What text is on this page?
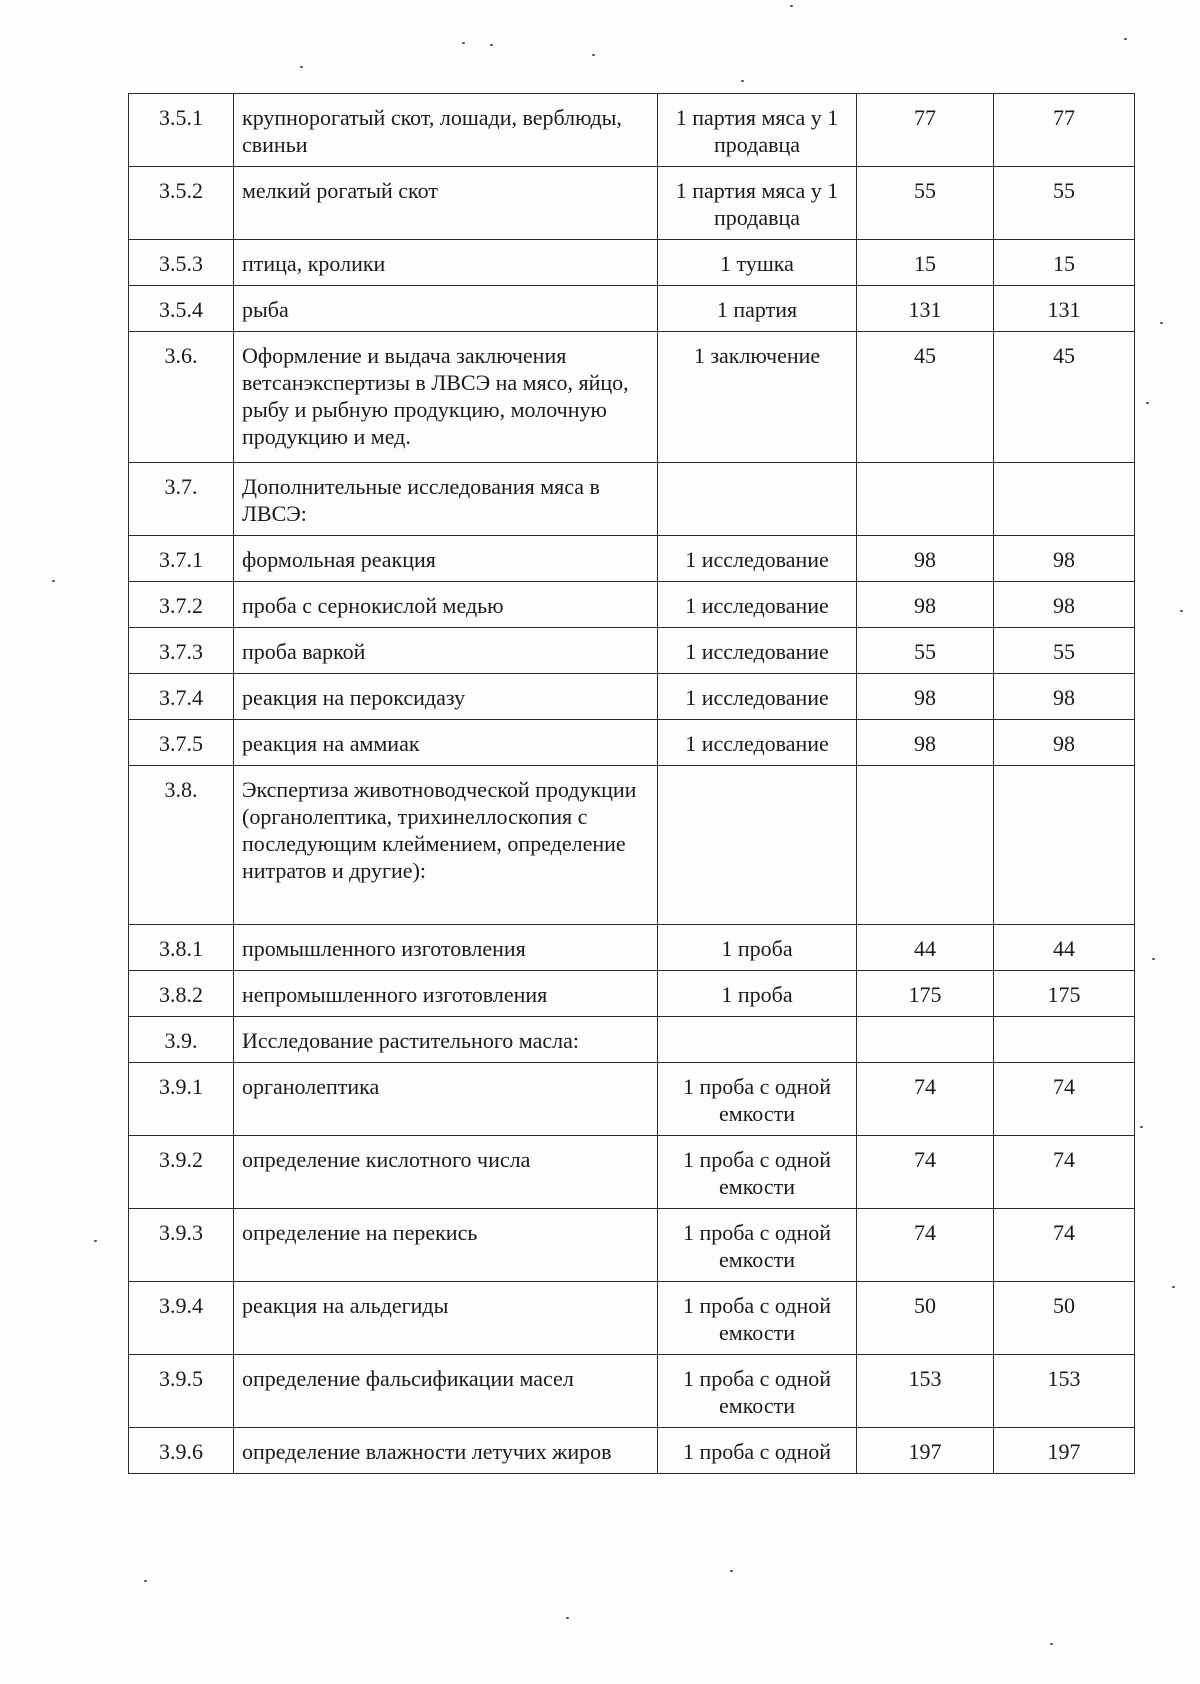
3.5.1	крупнорогатый скот, лошади, верблюды, свиньи	1 партия мяса у 1 продавца	77	77
3.5.2	мелкий рогатый скот	1 партия мяса у 1 продавца	55	55
3.5.3	птица, кролики	1 тушка	15	15
3.5.4	рыба	1 партия	131	131
3.6.	Оформление и выдача заключения ветсанэкспертизы в ЛВСЭ на мясо, яйцо, рыбу и рыбную продукцию, молочную продукцию и мед.	1 заключение	45	45
3.7.	Дополнительные исследования мяса в ЛВСЭ:			
3.7.1	формольная реакция	1 исследование	98	98
3.7.2	проба с сернокислой медью	1 исследование	98	98
3.7.3	проба варкой	1 исследование	55	55
3.7.4	реакция на пероксидазу	1 исследование	98	98
3.7.5	реакция на аммиак	1 исследование	98	98
3.8.	Экспертиза животноводческой продукции (органолептика, трихинеллоскопия с последующим клеймением, определение нитратов и другие):			
3.8.1	промышленного изготовления	1 проба	44	44
3.8.2	непромышленного изготовления	1 проба	175	175
3.9.	Исследование растительного масла:			
3.9.1	органолептика	1 проба с одной емкости	74	74
3.9.2	определение кислотного числа	1 проба с одной емкости	74	74
3.9.3	определение на перекись	1 проба с одной емкости	74	74
3.9.4	реакция на альдегиды	1 проба с одной емкости	50	50
3.9.5	определение фальсификации масел	1 проба с одной емкости	153	153
3.9.6	определение влажности летучих жиров	1 проба с одной	197	197
